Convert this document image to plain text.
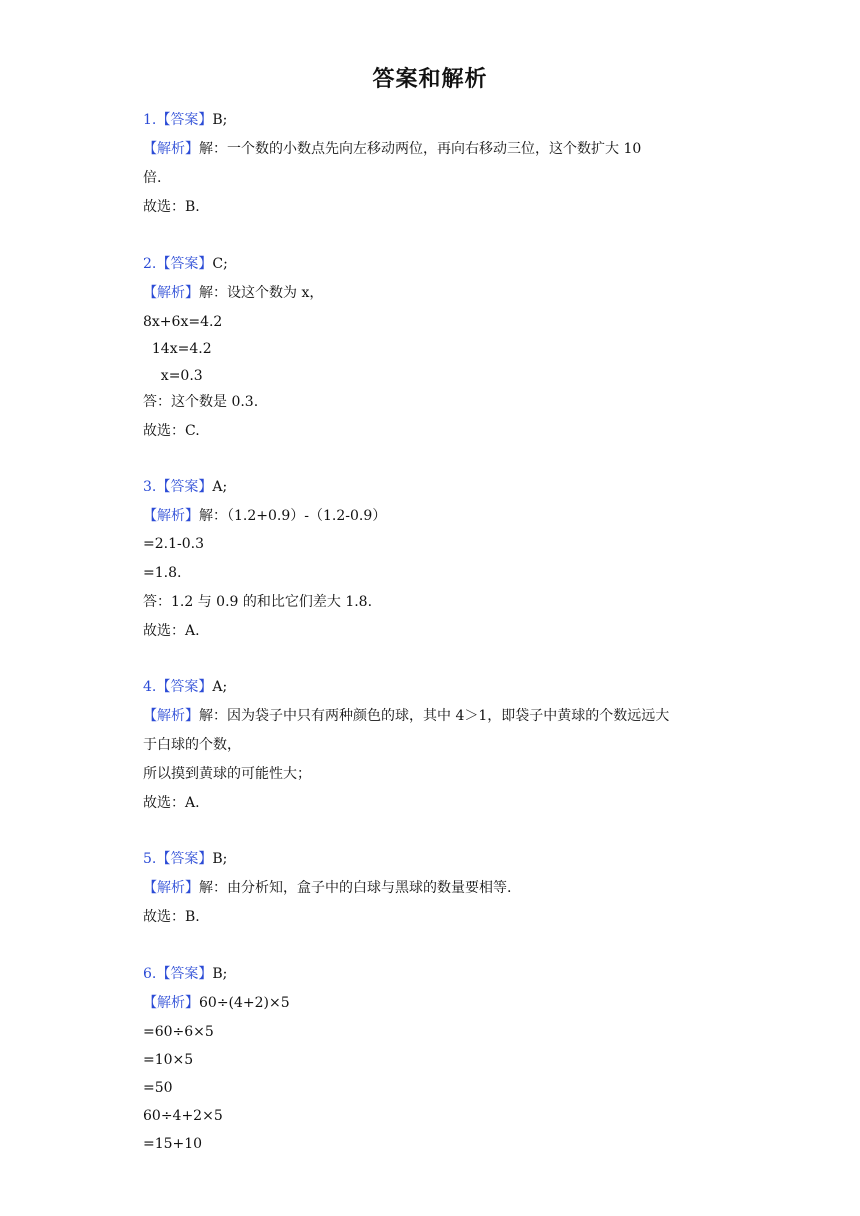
答案和解析
1.【答案】B;
【解析】解：一个数的小数点先向左移动两位，再向右移动三位，这个数扩大 10
倍.
故选：B.
2.【答案】C;
【解析】解：设这个数为 x，
8x+6x=4.2
14x=4.2
x=0.3
答：这个数是 0.3.
故选：C.
3.【答案】A;
【解析】解：（1.2+0.9）-（1.2-0.9）
=2.1-0.3
=1.8.
答：1.2 与 0.9 的和比它们差大 1.8.
故选：A.
4.【答案】A;
【解析】解：因为袋子中只有两种颜色的球，其中 4＞1，即袋子中黄球的个数远远大
于白球的个数，
所以摸到黄球的可能性大；
故选：A.
5.【答案】B;
【解析】解：由分析知，盒子中的白球与黑球的数量要相等.
故选：B.
6.【答案】B;
【解析】60÷(4+2)×5
=60÷6×5
=10×5
=50
60÷4+2×5
=15+10
